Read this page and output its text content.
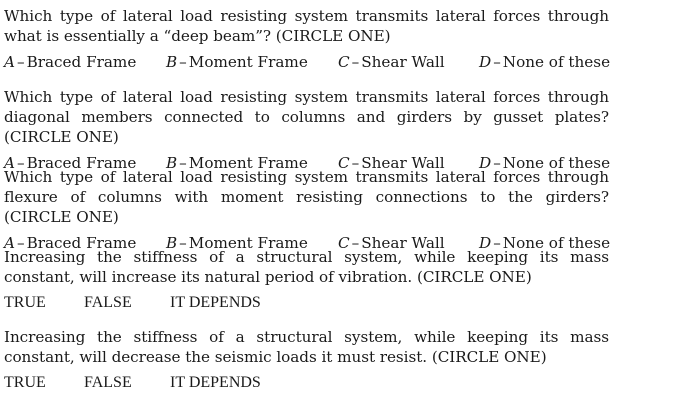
Which type of lateral load resisting system transmits lateral forces through what is essentially a “deep beam”? (CIRCLE ONE)

A – Braced Frame B – Moment Frame C – Shear Wall D – None of these

Which type of lateral load resisting system transmits lateral forces through diagonal members connected to columns and girders by gusset plates? (CIRCLE ONE)

A – Braced Frame B – Moment Frame C – Shear Wall D – None of these

Which type of lateral load resisting system transmits lateral forces through flexure of columns with moment resisting connections to the girders? (CIRCLE ONE)

A – Braced Frame B – Moment Frame C – Shear Wall D – None of these

Increasing the stiffness of a structural system, while keeping its mass constant, will increase its natural period of vibration. (CIRCLE ONE)

TRUE FALSE IT DEPENDS

Increasing the stiffness of a structural system, while keeping its mass constant, will decrease the seismic loads it must resist. (CIRCLE ONE)

TRUE FALSE IT DEPENDS
